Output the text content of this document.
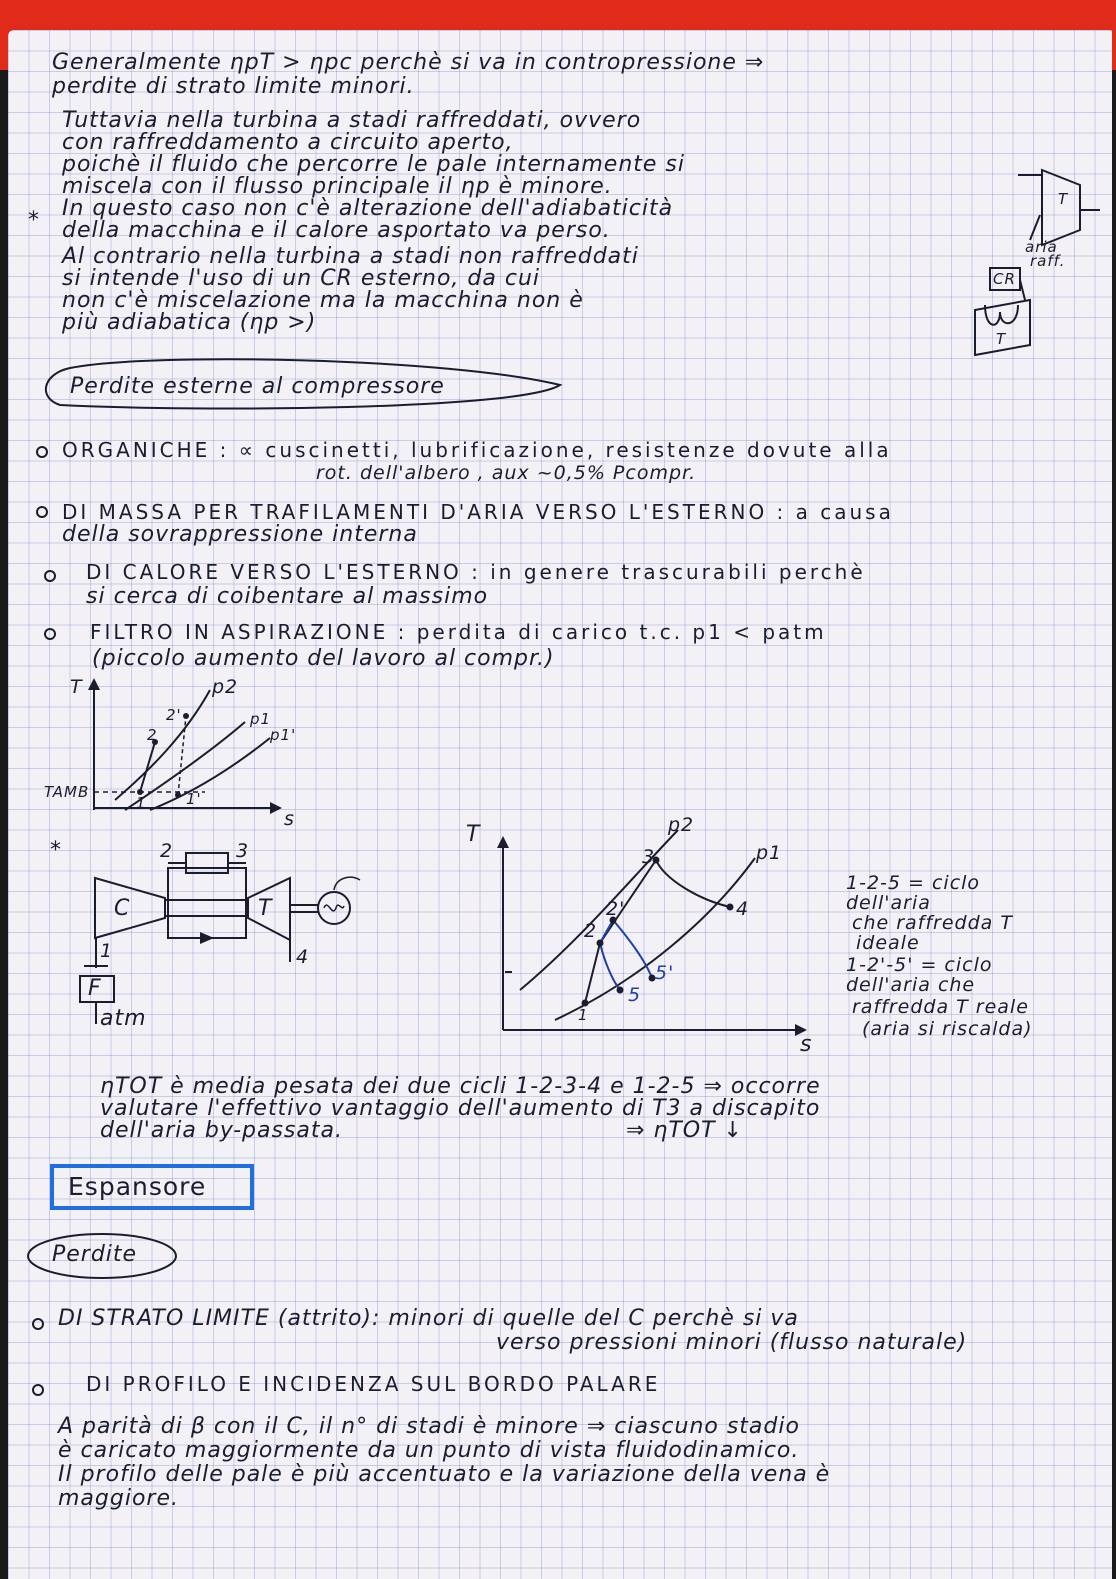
Generalmente ηpT > ηpc perchè si va in contropressione ⇒
perdite di strato limite minori.
Tuttavia nella turbina a stadi raffreddati, ovvero
con raffreddamento a circuito aperto,
poichè il fluido che percorre le pale internamente si
miscela con il flusso principale il ηp è minore.
In questo caso non c'è alterazione dell'adiabaticità
della macchina e il calore asportato va perso.
*
Al contrario nella turbina a stadi non raffreddati
si intende l'uso di un CR esterno, da cui
non c'è miscelazione ma la macchina non è
più adiabatica (ηp >)
T
aria
raff.
CR
T
Perdite esterne al compressore
ORGANICHE : ∝ cuscinetti, lubrificazione, resistenze dovute alla
rot. dell'albero , aux ~0,5% Pcompr.
DI MASSA PER TRAFILAMENTI D'ARIA VERSO L'ESTERNO : a causa
della sovrappressione interna
DI CALORE VERSO L'ESTERNO : in genere trascurabili perchè
si cerca di coibentare al massimo
FILTRO IN ASPIRAZIONE : perdita di carico t.c. p1 < patm
(piccolo aumento del lavoro al compr.)
T
s
p2
p1
p1'
2
2'
1	1'
TAMB
*
C	T
1
2	3
4
F
atm
T
s
p2
p1
3
4
2
2'
5
5'
1
1-2-5 = ciclo
dell'aria
che raffredda T
ideale
1-2'-5' = ciclo
dell'aria che
raffredda T reale
(aria si riscalda)
ηTOT è media pesata dei due cicli 1-2-3-4 e 1-2-5 ⇒ occorre
valutare l'effettivo vantaggio dell'aumento di T3 a discapito
dell'aria by-passata.	⇒ ηTOT ↓
Espansore
Perdite
DI STRATO LIMITE (attrito): minori di quelle del C perchè si va
verso pressioni minori (flusso naturale)
DI PROFILO E INCIDENZA SUL BORDO PALARE
A parità di β con il C, il n° di stadi è minore ⇒ ciascuno stadio
è caricato maggiormente da un punto di vista fluidodinamico.
Il profilo delle pale è più accentuato e la variazione della vena è
maggiore.
